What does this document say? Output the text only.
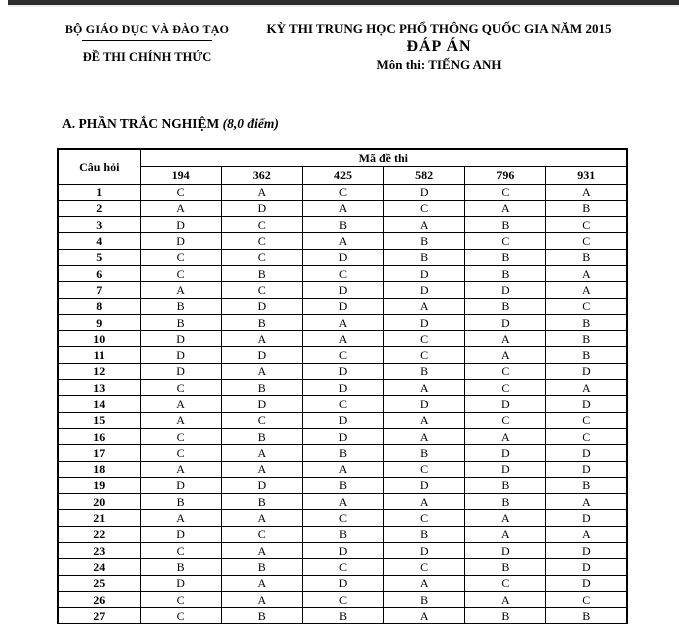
BỘ GIÁO DỤC VÀ ĐÀO TẠO
ĐỀ THI CHÍNH THỨC
KỲ THI TRUNG HỌC PHỔ THÔNG QUỐC GIA NĂM 2015
ĐÁP ÁN
Môn thi: TIẾNG ANH
A. PHẦN TRẮC NGHIỆM (8,0 điểm)
Câu hỏi	Mã đề thi					
	194	362	425	582	796	931
1	C	A	C	D	C	A
2	A	D	A	C	A	B
3	D	C	B	A	B	C
4	D	C	A	B	C	C
5	C	C	D	B	B	B
6	C	B	C	D	B	A
7	A	C	D	D	D	A
8	B	D	D	A	B	C
9	B	B	A	D	D	B
10	D	A	A	C	A	B
11	D	D	C	C	A	B
12	D	A	D	B	C	D
13	C	B	D	A	C	A
14	A	D	C	D	D	D
15	A	C	D	A	C	C
16	C	B	D	A	A	C
17	C	A	B	B	D	D
18	A	A	A	C	D	D
19	D	D	B	D	B	B
20	B	B	A	A	B	A
21	A	A	C	C	A	D
22	D	C	B	B	A	A
23	C	A	D	D	D	D
24	B	B	C	C	B	D
25	D	A	D	A	C	D
26	C	A	C	B	A	C
27	C	B	B	A	B	B
